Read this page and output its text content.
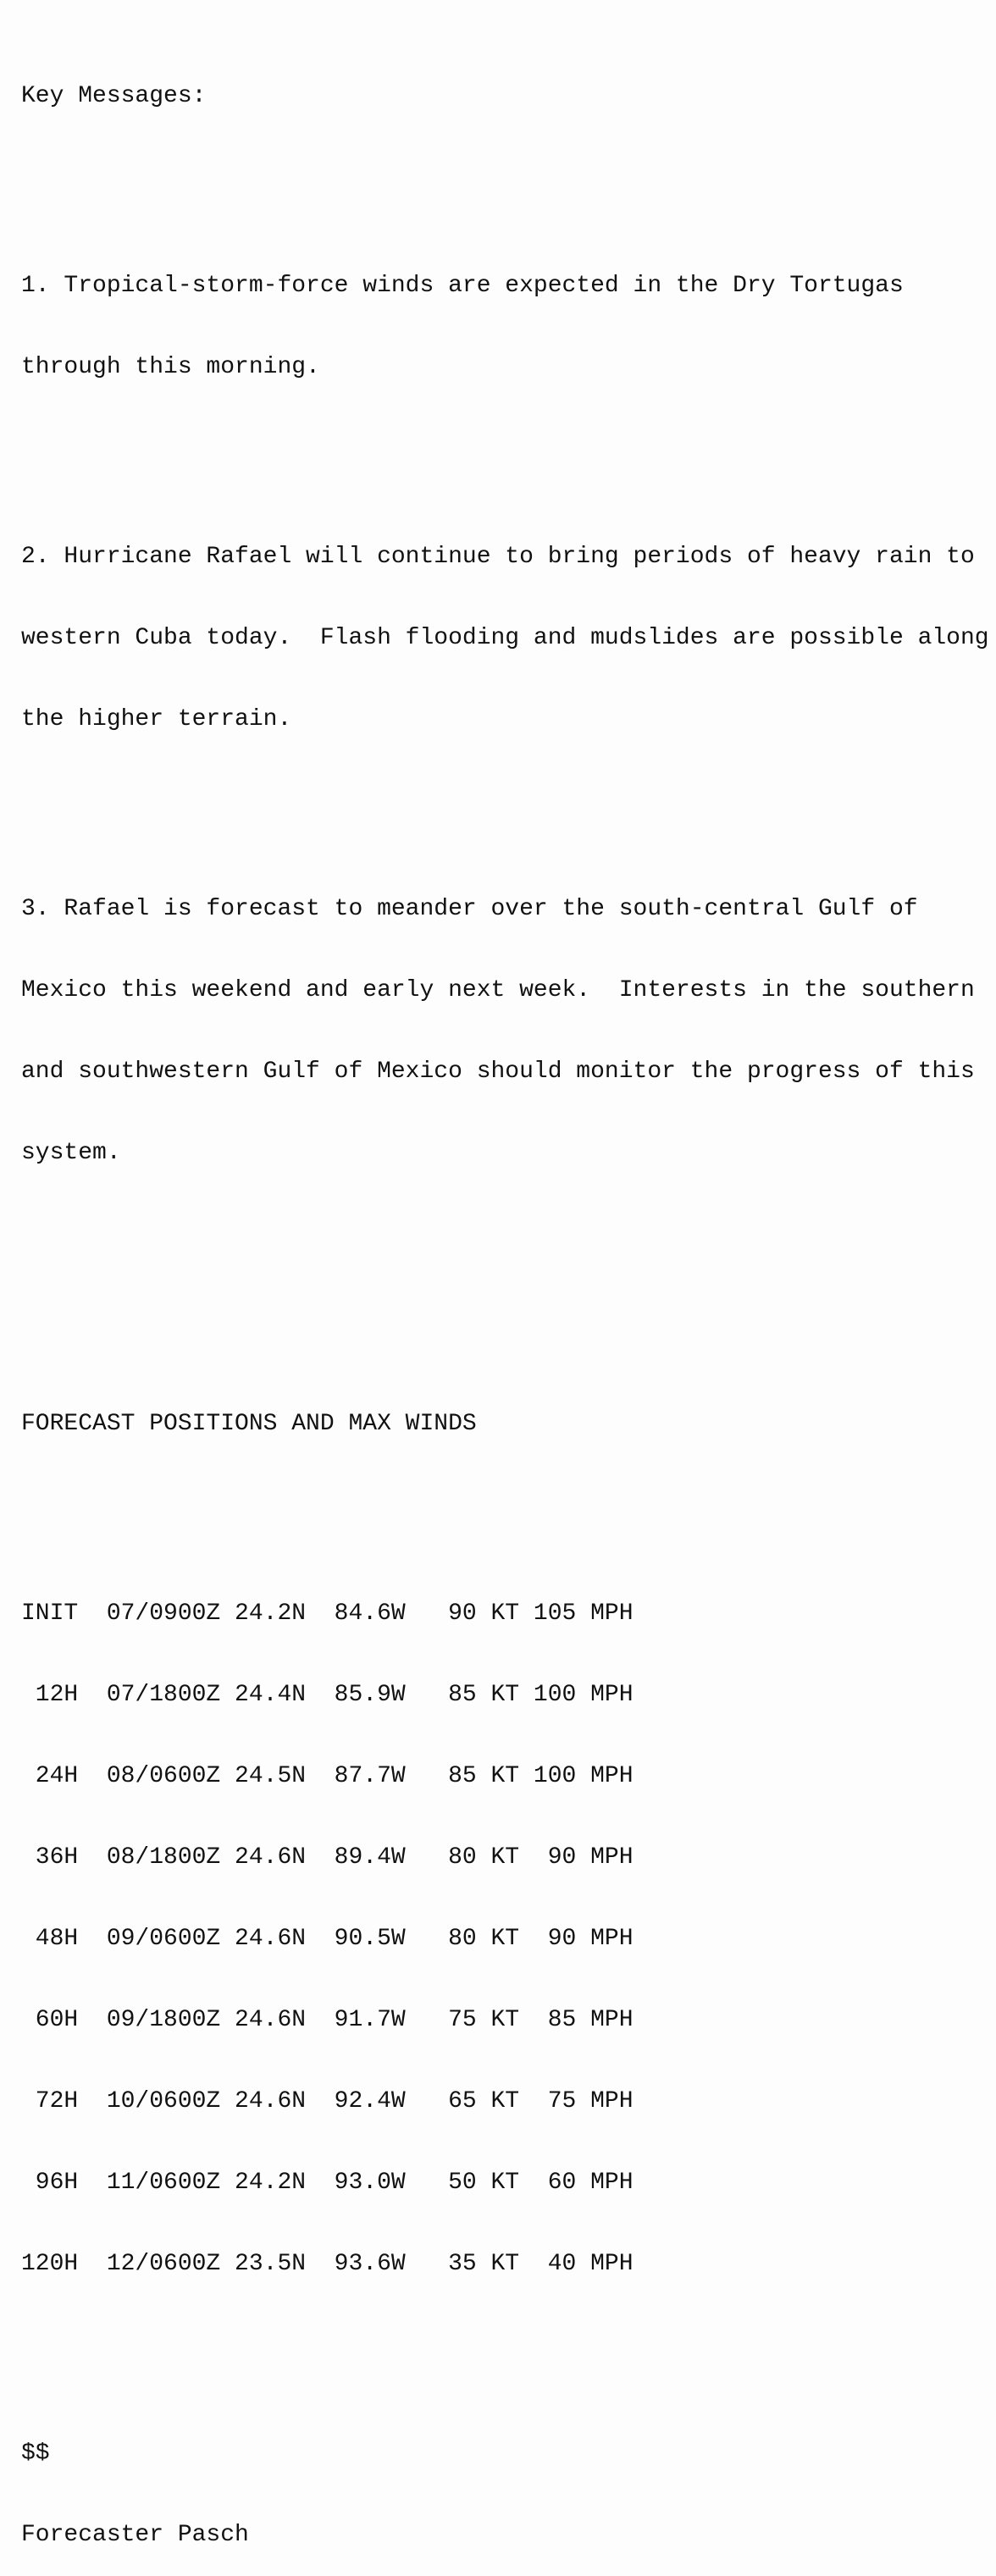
Key Messages:

1. Tropical-storm-force winds are expected in the Dry Tortugas

through this morning.

2. Hurricane Rafael will continue to bring periods of heavy rain to

western Cuba today.  Flash flooding and mudslides are possible along

the higher terrain.

3. Rafael is forecast to meander over the south-central Gulf of

Mexico this weekend and early next week.  Interests in the southern

and southwestern Gulf of Mexico should monitor the progress of this

system.

FORECAST POSITIONS AND MAX WINDS

INIT  07/0900Z 24.2N  84.6W   90 KT 105 MPH

12H  07/1800Z 24.4N  85.9W   85 KT 100 MPH

24H  08/0600Z 24.5N  87.7W   85 KT 100 MPH

36H  08/1800Z 24.6N  89.4W   80 KT  90 MPH

48H  09/0600Z 24.6N  90.5W   80 KT  90 MPH

60H  09/1800Z 24.6N  91.7W   75 KT  85 MPH

72H  10/0600Z 24.6N  92.4W   65 KT  75 MPH

96H  11/0600Z 24.2N  93.0W   50 KT  60 MPH

120H  12/0600Z 23.5N  93.6W   35 KT  40 MPH

$$

Forecaster Pasch
